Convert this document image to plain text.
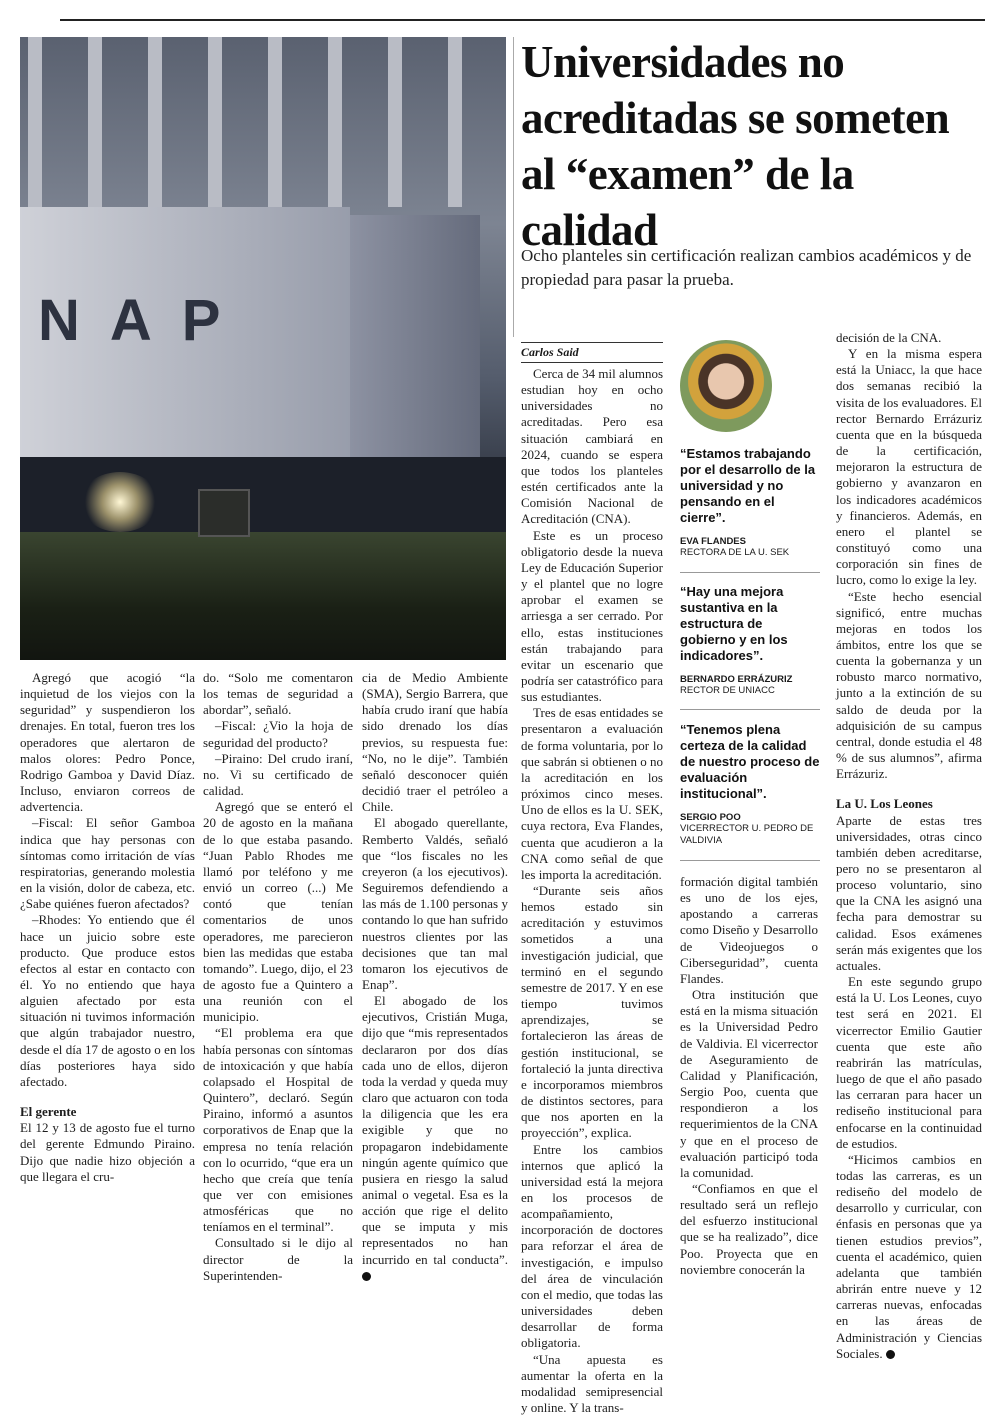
NAP
Universidades no acreditadas se someten al “examen” de la calidad
Ocho planteles sin certificación realizan cambios académicos y de propiedad para pasar la prueba.
Carlos Said

Agregó que acogió “la inquietud de los viejos con la seguridad” y suspendieron los drenajes. En total, fueron tres los operadores que alertaron de malos olores: Pedro Ponce, Rodrigo Gamboa y David Díaz. Incluso, enviaron correos de advertencia.

–Fiscal: El señor Gamboa indica que hay personas con síntomas como irritación de vías respiratorias, generando molestia en la visión, dolor de cabeza, etc. ¿Sabe quiénes fueron afectados?

–Rhodes: Yo entiendo que él hace un juicio sobre este producto. Que produce estos efectos al estar en contacto con él. Yo no entiendo que haya alguien afectado por esta situación ni tuvimos información que algún trabajador nuestro, desde el día 17 de agosto o en los días posteriores haya sido afectado.

El gerente

El 12 y 13 de agosto fue el turno del gerente Edmundo Piraino. Dijo que nadie hizo objeción a que llegara el cru-

do. “Solo me comentaron los temas de seguridad a abordar”, señaló.

–Fiscal: ¿Vio la hoja de seguridad del producto?

–Piraino: Del crudo iraní, no. Vi su certificado de calidad.

Agregó que se enteró el 20 de agosto en la mañana de lo que estaba pasando. “Juan Pablo Rhodes me llamó por teléfono y me envió un correo (...) Me contó que tenían comentarios de unos operadores, me parecieron bien las medidas que estaba tomando”. Luego, dijo, el 23 de agosto fue a Quintero a una reunión con el municipio.

“El problema era que había personas con síntomas de intoxicación y que había colapsado el Hospital de Quintero”, declaró. Según Piraino, informó a asuntos corporativos de Enap que la empresa no tenía relación con lo ocurrido, “que era un hecho que creía que tenía que ver con emisiones atmosféricas que no teníamos en el terminal”.

Consultado si le dijo al director de la Superintenden-

cia de Medio Ambiente (SMA), Sergio Barrera, que había crudo iraní que había sido drenado los días previos, su respuesta fue: “No, no le dije”. También señaló desconocer quién decidió traer el petróleo a Chile.

El abogado querellante, Remberto Valdés, señaló que “los fiscales no les creyeron (a los ejecutivos). Seguiremos defendiendo a las más de 1.100 personas y contando lo que han sufrido nuestros clientes por las decisiones que tan mal tomaron los ejecutivos de Enap”.

El abogado de los ejecutivos, Cristián Muga, dijo que “mis representados declararon por dos días cada uno de ellos, dijeron toda la verdad y queda muy claro que actuaron con toda la diligencia que les era exigible y que no propagaron indebidamente ningún agente químico que pusiera en riesgo la salud animal o vegetal. Esa es la acción que rige el delito que se imputa y mis representados no han incurrido en tal conducta”.

Cerca de 34 mil alumnos estudian hoy en ocho universidades no acreditadas. Pero esa situación cambiará en 2024, cuando se espera que todos los planteles estén certificados ante la Comisión Nacional de Acreditación (CNA).

Este es un proceso obligatorio desde la nueva Ley de Educación Superior y el plantel que no logre aprobar el examen se arriesga a ser cerrado. Por ello, estas instituciones están trabajando para evitar un escenario que podría ser catastrófico para sus estudiantes.

Tres de esas entidades se presentaron a evaluación de forma voluntaria, por lo que sabrán si obtienen o no la acreditación en los próximos cinco meses. Uno de ellos es la U. SEK, cuya rectora, Eva Flandes, cuenta que acudieron a la CNA como señal de que les importa la acreditación.

“Durante seis años hemos estado sin acreditación y estuvimos sometidos a una investigación judicial, que terminó en el segundo semestre de 2017. Y en ese tiempo tuvimos aprendizajes, se fortalecieron las áreas de gestión institucional, se fortaleció la junta directiva e incorporamos miembros de distintos sectores, para que nos aporten en la proyección”, explica.

Entre los cambios internos que aplicó la universidad está la mejora en los procesos de acompañamiento, incorporación de doctores para reforzar el área de investigación, e impulso del área de vinculación con el medio, que todas las universidades deben desarrollar de forma obligatoria.

“Una apuesta es aumentar la oferta en la modalidad semipresencial y online. Y la trans-

“Estamos trabajando por el desarrollo de la universidad y no pensando en el cierre”.
EVA FLANDES
RECTORA DE LA U. SEK
“Hay una mejora sustantiva en la estructura de gobierno y en los indicadores”.
BERNARDO ERRÁZURIZ
RECTOR DE UNIACC
“Tenemos plena certeza de la calidad de nuestro proceso de evaluación institucional”.
SERGIO POO
VICERRECTOR U. PEDRO DE VALDIVIA

formación digital también es uno de los ejes, apostando a carreras como Diseño y Desarrollo de Videojuegos o Ciberseguridad”, cuenta Flandes.

Otra institución que está en la misma situación es la Universidad Pedro de Valdivia. El vicerrector de Aseguramiento de Calidad y Planificación, Sergio Poo, cuenta que respondieron a los requerimientos de la CNA y que en el proceso de evaluación participó toda la comunidad.

“Confiamos en que el resultado será un reflejo del esfuerzo institucional que se ha realizado”, dice Poo. Proyecta que en noviembre conocerán la

decisión de la CNA.

Y en la misma espera está la Uniacc, la que hace dos semanas recibió la visita de los evaluadores. El rector Bernardo Errázuriz cuenta que en la búsqueda de la certificación, mejoraron la estructura de gobierno y avanzaron en los indicadores académicos y financieros. Además, en enero el plantel se constituyó como una corporación sin fines de lucro, como lo exige la ley.

“Este hecho esencial significó, entre muchas mejoras en todos los ámbitos, entre los que se cuenta la gobernanza y un robusto marco normativo, junto a la extinción de su saldo de deuda por la adquisición de su campus central, donde estudia el 48 % de sus alumnos”, afirma Errázuriz.

La U. Los Leones

Aparte de estas tres universidades, otras cinco también deben acreditarse, pero no se presentaron al proceso voluntario, sino que la CNA les asignó una fecha para demostrar su calidad. Esos exámenes serán más exigentes que los actuales.

En este segundo grupo está la U. Los Leones, cuyo test será en 2021. El vicerrector Emilio Gautier cuenta que este año reabrirán las matrículas, luego de que el año pasado las cerraran para hacer un rediseño institucional para enfocarse en la continuidad de estudios.

“Hicimos cambios en todas las carreras, es un rediseño del modelo de desarrollo y curricular, con énfasis en personas que ya tienen estudios previos”, cuenta el académico, quien adelanta que también abrirán entre nueve y 12 carreras nuevas, enfocadas en las áreas de Administración y Ciencias Sociales.
